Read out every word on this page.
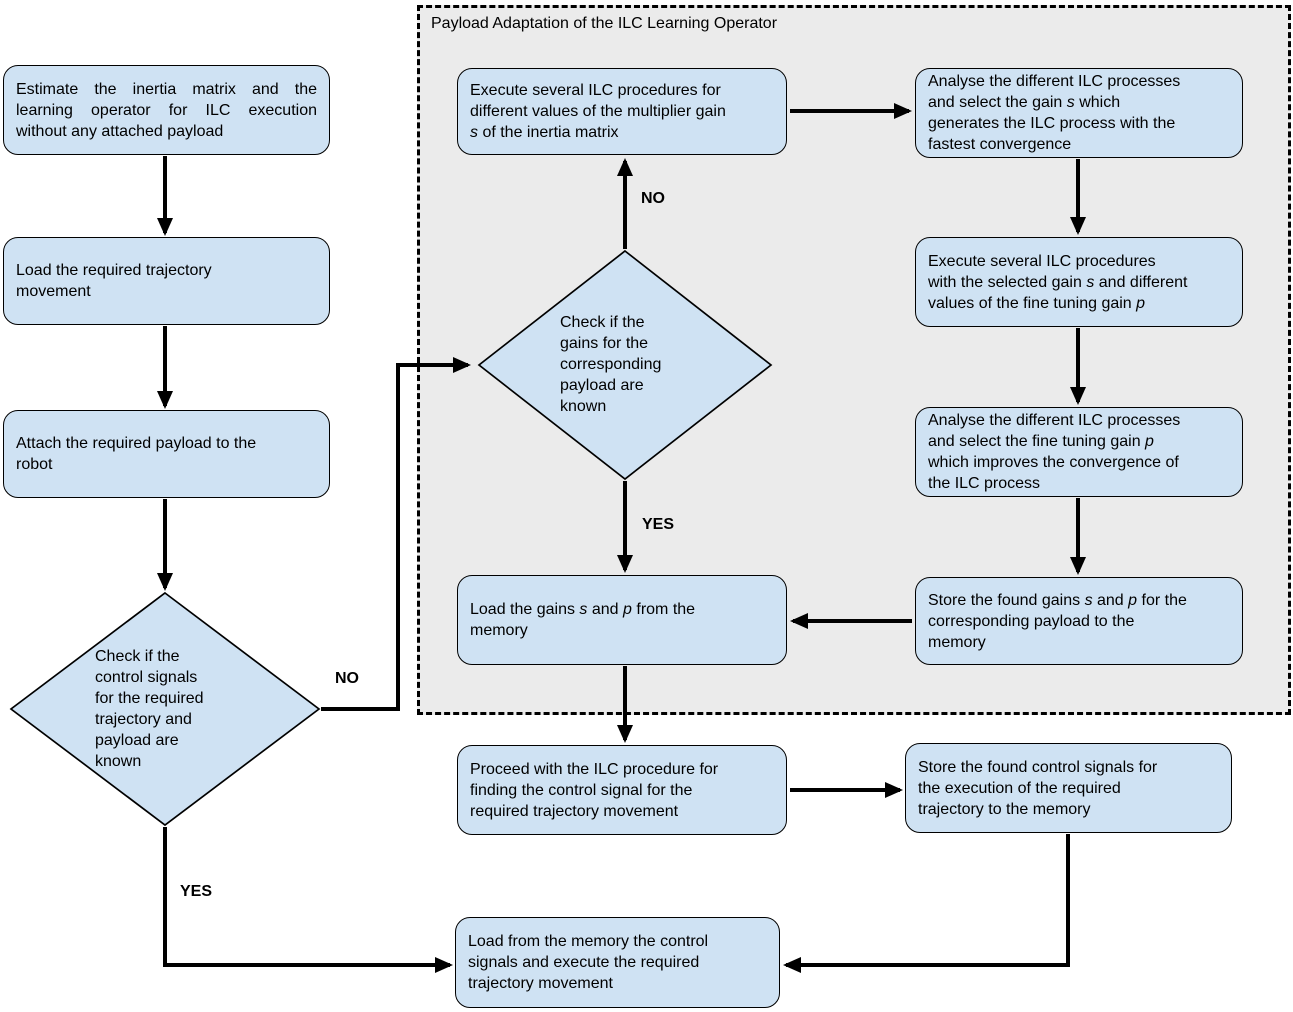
Payload Adaptation of the ILC Learning Operator
Estimate the inertia matrix and the learning operator for ILC execution without any attached payload
Load the required trajectory
movement
Attach the required payload to the
robot
Check if the
control signals
for the required
trajectory and
payload are
known
Execute several ILC procedures for
different values of the multiplier gain
s of the inertia matrix
Check if the
gains for the
corresponding
payload are
known
Load the gains s and p from the
memory
Analyse the different ILC processes
and select the gain s which
generates the ILC process with the
fastest convergence
Execute several ILC procedures
with the selected gain s and different
values of the fine tuning gain p
Analyse the different ILC processes
and select the fine tuning gain p
which improves the convergence of
the ILC process
Store the found gains s and p for the
corresponding payload to the
memory
Proceed with the ILC procedure for
finding the control signal for the
required trajectory movement
Store the found control signals for
the execution of the required
trajectory to the memory
Load from the memory the control
signals and execute the required
trajectory movement
NO
YES
NO
YES
